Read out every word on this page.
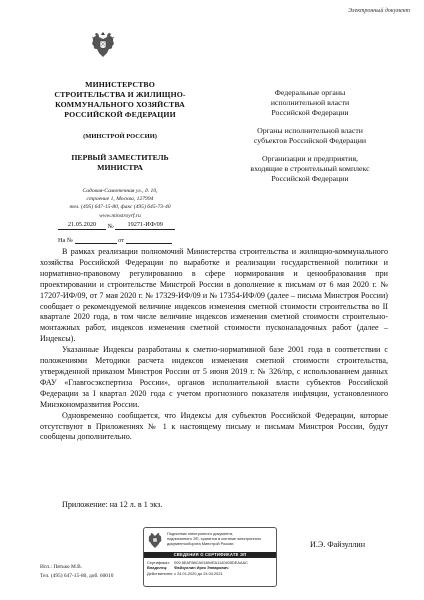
Электронный документ
МИНИСТЕРСТВО
СТРОИТЕЛЬСТВА И ЖИЛИЩНО-
КОММУНАЛЬНОГО ХОЗЯЙСТВА
РОССИЙСКОЙ ФЕДЕРАЦИИ
(МИНСТРОЙ РОССИИ)
ПЕРВЫЙ ЗАМЕСТИТЕЛЬ
МИНИСТРА
Садовая-Самотечная ул., д. 10,
строение 1, Москва, 127994
тел. (495) 647-15-80, факс (495) 645-73-40
www.minstroyrf.ru
21.05.2020 № 19271-ИФ/09
На №	от
Федеральные органы
исполнительной власти
Российской Федерации
Органы исполнительной власти
субъектов Российской Федерации
Организации и предприятия,
входящие в строительный комплекс
Российской Федерации

В рамках реализации полномочий Министерства строительства и жилищно-коммунального хозяйства Российской Федерации по выработке и реализации государственной политики и нормативно-правовому регулированию в сфере нормирования и ценообразования при проектировании и строительстве Минстрой России в дополнение к письмам от 6 мая 2020 г. № 17207-ИФ/09, от 7 мая 2020 г. № 17329-ИФ/09 и № 17354-ИФ/09 (далее – письма Минстроя России) сообщает о рекомендуемой величине индексов изменения сметной стоимости строительства во II квартале 2020 года, в том числе величине индексов изменения сметной стоимости строительно-монтажных работ, индексов изменения сметной стоимости пусконаладочных работ (далее – Индексы).

Указанные Индексы разработаны к сметно-нормативной базе 2001 года в соответствии с положениями Методики расчета индексов изменения сметной стоимости строительства, утвержденной приказом Минстроя России от 5 июня 2019 г. № 326/пр, с использованием данных ФАУ «Главгосэкспертиза России», органов исполнительной власти субъектов Российской Федерации за I квартал 2020 года с учетом прогнозного показателя инфляции, установленного Минэкономразвития России.

Одновременно сообщается, что Индексы для субъектов Российской Федерации, которые отсутствуют в Приложениях № 1 к настоящему письму и письмам Минстроя России, будут сообщены дополнительно.

Приложение: на 12 л. в 1 экз.
Подлинник электронного документа,
подписанного ЭП, хранится в системе электронного
документооборота Минстрой России
СВЕДЕНИЯ О СЕРТИФИКАТЕ ЭП
Сертификат: 009 8EAF88CA01894EA1140405DEAAAC
Владелец: Файзуллин Ирек Энварович
Действителен: с 24.01.2020 до 24.04.2021
И.Э. Файзуллин
Исп.: Пятько М.В.
Тел. (495) 647-15-80, доб. 60010
